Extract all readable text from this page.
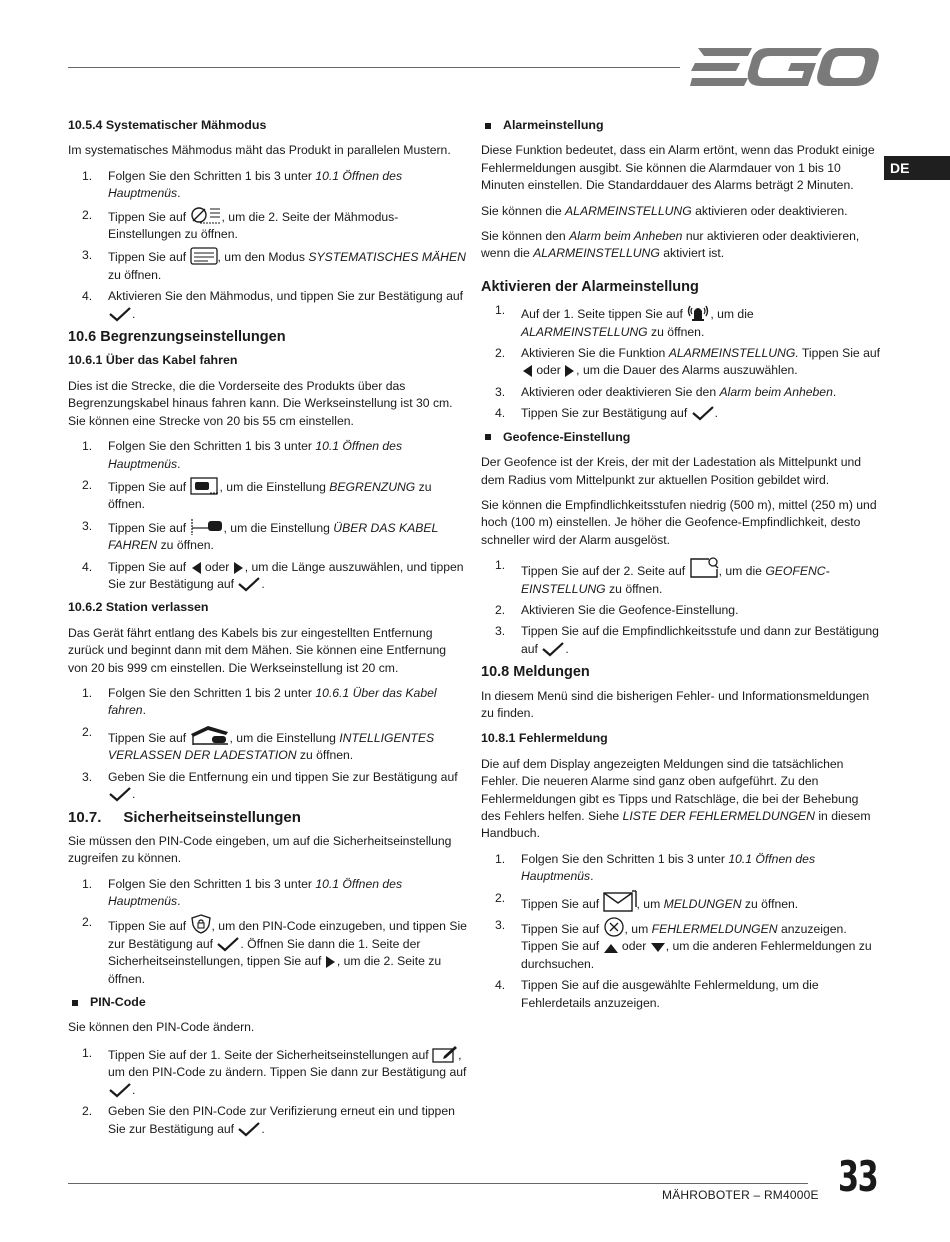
DE
10.5.4 Systematischer Mähmodus
Im systematisches Mähmodus mäht das Produkt in parallelen Mustern.
1.	Folgen Sie den Schritten 1 bis 3 unter 10.1 Öffnen des Hauptmenüs.
2.	Tippen Sie auf	, um die 2. Seite der Mähmodus-Einstellungen zu öffnen.
3.	Tippen Sie auf , um den Modus SYSTEMATISCHES MÄHEN zu öffnen.
4.	Aktivieren Sie den Mähmodus, und tippen Sie zur Bestätigung auf .
10.6 Begrenzungseinstellungen
10.6.1 Über das Kabel fahren
Dies ist die Strecke, die die Vorderseite des Produkts über das Begrenzungskabel hinaus fahren kann. Die Werkseinstellung ist 30 cm. Sie können eine Strecke von 20 bis 55 cm einstellen.
1.	Folgen Sie den Schritten 1 bis 3 unter 10.1 Öffnen des Hauptmenüs.
2.	Tippen Sie auf , um die Einstellung BEGRENZUNG zu öffnen.
3.	Tippen Sie auf	, um die Einstellung ÜBER DAS KABEL FAHREN zu öffnen.
4.	Tippen Sie auf  oder , um die Länge auszuwählen, und tippen Sie zur Bestätigung auf .
10.6.2 Station verlassen
Das Gerät fährt entlang des Kabels bis zur eingestellten Entfernung zurück und beginnt dann mit dem Mähen. Sie können eine Entfernung von 20 bis 999 cm einstellen. Die Werkseinstellung ist 20 cm.
1.	Folgen Sie den Schritten 1 bis 2 unter 10.6.1 Über das Kabel fahren.
2.	Tippen Sie auf	, um die Einstellung INTELLIGENTES VERLASSEN DER LADESTATION zu öffnen.
3.	Geben Sie die Entfernung ein und tippen Sie zur Bestätigung auf .
10.7. Sicherheitseinstellungen
Sie müssen den PIN-Code eingeben, um auf die Sicherheitseinstellung zugreifen zu können.
1.	Folgen Sie den Schritten 1 bis 3 unter 10.1 Öffnen des Hauptmenüs.
2.	Tippen Sie auf , um den PIN-Code einzugeben, und tippen Sie zur Bestätigung auf . Öffnen Sie dann die 1. Seite der Sicherheitseinstellungen, tippen Sie auf , um die 2. Seite zu öffnen.
PIN-Code
Sie können den PIN-Code ändern.
1.	Tippen Sie auf der 1. Seite der Sicherheitseinstellungen auf , um den PIN-Code zu ändern. Tippen Sie dann zur Bestätigung auf .
2.	Geben Sie den PIN-Code zur Verifizierung erneut ein und tippen Sie zur Bestätigung auf .
Alarmeinstellung
Diese Funktion bedeutet, dass ein Alarm ertönt, wenn das Produkt einige Fehlermeldungen ausgibt. Sie können die Alarmdauer von 1 bis 10 Minuten einstellen. Die Standarddauer des Alarms beträgt 2 Minuten.
Sie können die ALARMEINSTELLUNG aktivieren oder deaktivieren.
Sie können den Alarm beim Anheben nur aktivieren oder deaktivieren, wenn die ALARMEINSTELLUNG aktiviert ist.
Aktivieren der Alarmeinstellung
1.	Auf der 1. Seite tippen Sie auf , um die ALARMEINSTELLUNG zu öffnen.
2.	Aktivieren Sie die Funktion ALARMEINSTELLUNG. Tippen Sie auf  oder , um die Dauer des Alarms auszuwählen.
3.	Aktivieren oder deaktivieren Sie den Alarm beim Anheben.
4.	Tippen Sie zur Bestätigung auf .
Geofence-Einstellung
Der Geofence ist der Kreis, der mit der Ladestation als Mittelpunkt und dem Radius vom Mittelpunkt zur aktuellen Position gebildet wird.
Sie können die Empfindlichkeitsstufen niedrig (500 m), mittel (250 m) und hoch (100 m) einstellen. Je höher die Geofence-Empfindlichkeit, desto schneller wird der Alarm ausgelöst.
1.	Tippen Sie auf der 2. Seite auf , um die GEOFENC-EINSTELLUNG zu öffnen.
2.	Aktivieren Sie die Geofence-Einstellung.
3.	Tippen Sie auf die Empfindlichkeitsstufe und dann zur Bestätigung auf .
10.8 Meldungen
In diesem Menü sind die bisherigen Fehler- und Informationsmeldungen zu finden.
10.8.1 Fehlermeldung
Die auf dem Display angezeigten Meldungen sind die tatsächlichen Fehler. Die neueren Alarme sind ganz oben aufgeführt. Zu den Fehlermeldungen gibt es Tipps und Ratschläge, die bei der Behebung des Fehlers helfen. Siehe LISTE DER FEHLERMELDUNGEN in diesem Handbuch.
1.	Folgen Sie den Schritten 1 bis 3 unter 10.1 Öffnen des Hauptmenüs.
2.	Tippen Sie auf	, um MELDUNGEN zu öffnen.
3.	Tippen Sie auf , um FEHLERMELDUNGEN anzuzeigen. Tippen Sie auf  oder , um die anderen Fehlermeldungen zu durchsuchen.
4.	Tippen Sie auf die ausgewählte Fehlermeldung, um die Fehlerdetails anzuzeigen.
MÄHROBOTER – RM4000E 33
